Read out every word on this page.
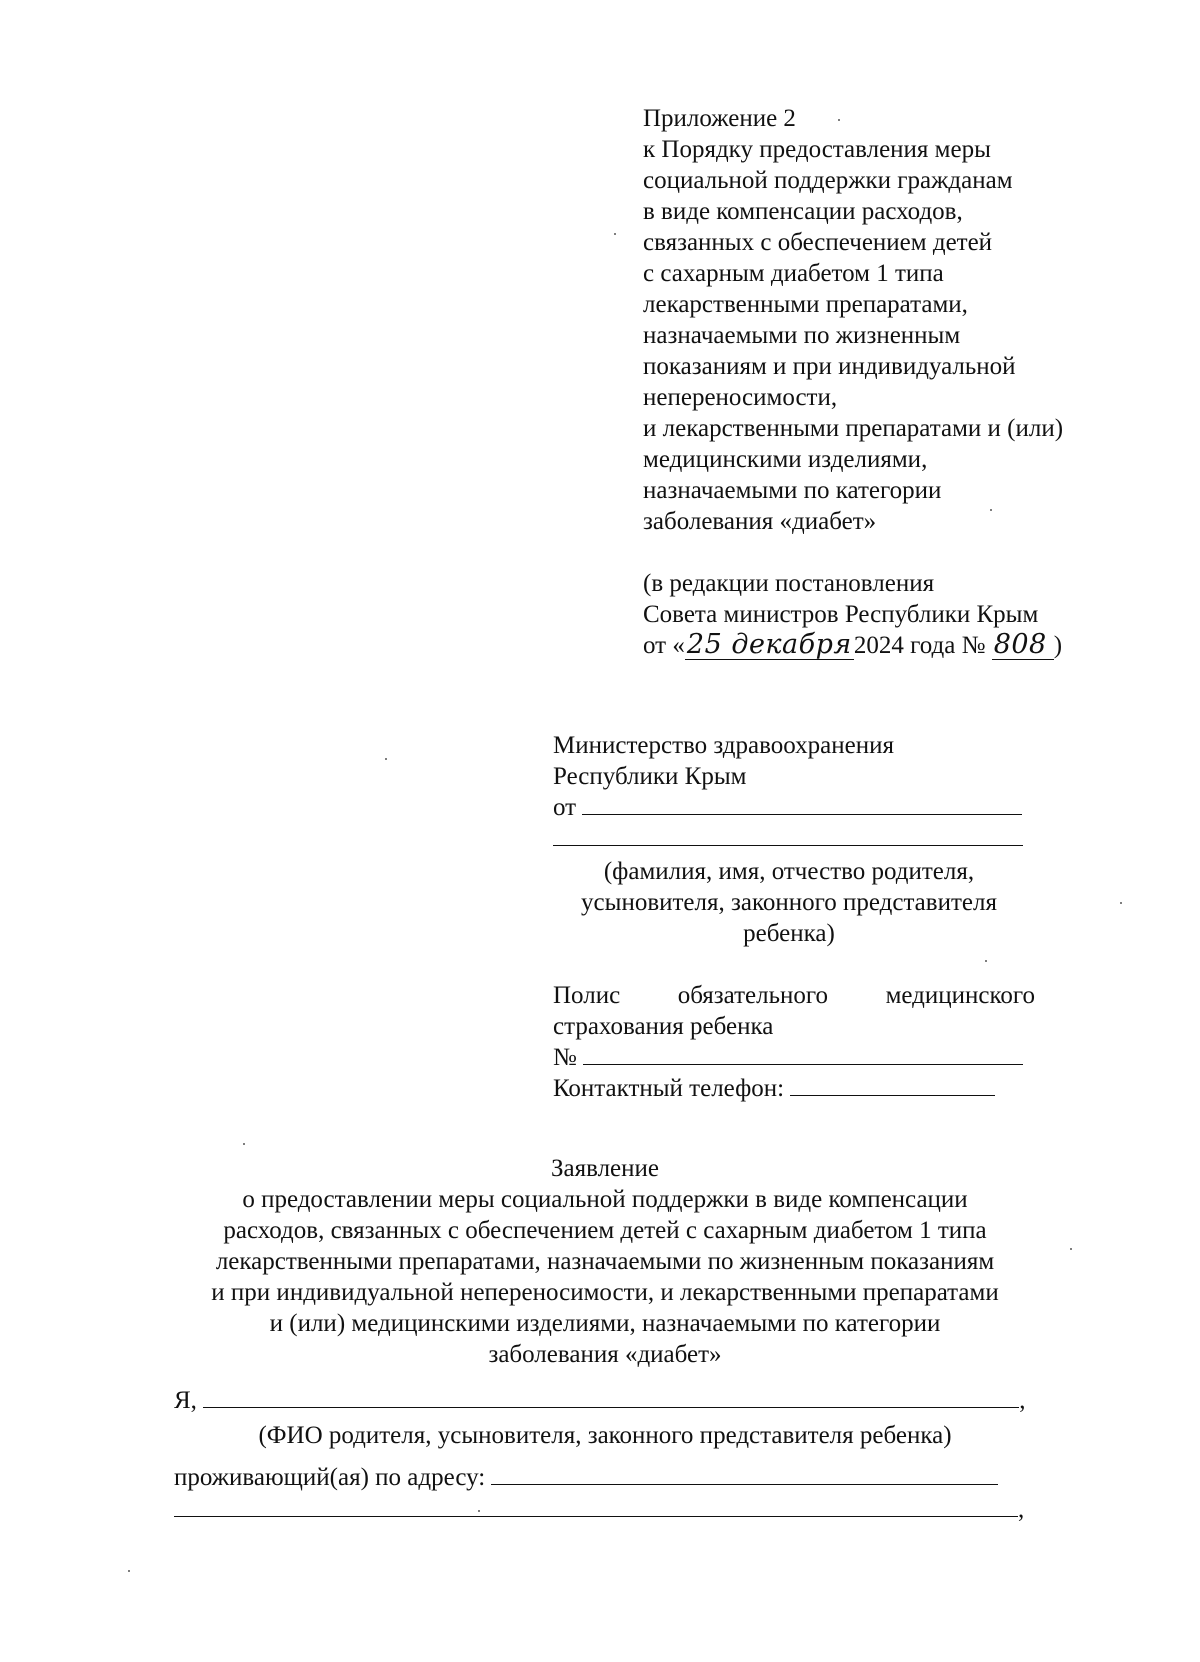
Приложение 2
к Порядку предоставления меры
социальной поддержки гражданам
в виде компенсации расходов,
связанных с обеспечением детей
с сахарным диабетом 1 типа
лекарственными препаратами,
назначаемыми по жизненным
показаниям и при индивидуальной
непереносимости,
и лекарственными препаратами и (или)
медицинскими изделиями,
назначаемыми по категории
заболевания «диабет»
(в редакции постановления
Совета министров Республики Крым
от «25 декабря2024 года № 808 )
Министерство здравоохранения
Республики Крым
от
(фамилия, имя, отчество родителя,
усыновителя, законного представителя
ребенка)
Полис обязательного медицинского
страхования ребенка
№
Контактный телефон:
Заявление
о предоставлении меры социальной поддержки в виде компенсации
расходов, связанных с обеспечением детей с сахарным диабетом 1 типа
лекарственными препаратами, назначаемыми по жизненным показаниям
и при индивидуальной непереносимости, и лекарственными препаратами
и (или) медицинскими изделиями, назначаемыми по категории
заболевания «диабет»
Я,	,
(ФИО родителя, усыновителя, законного представителя ребенка)
проживающий(ая) по адресу:
,
